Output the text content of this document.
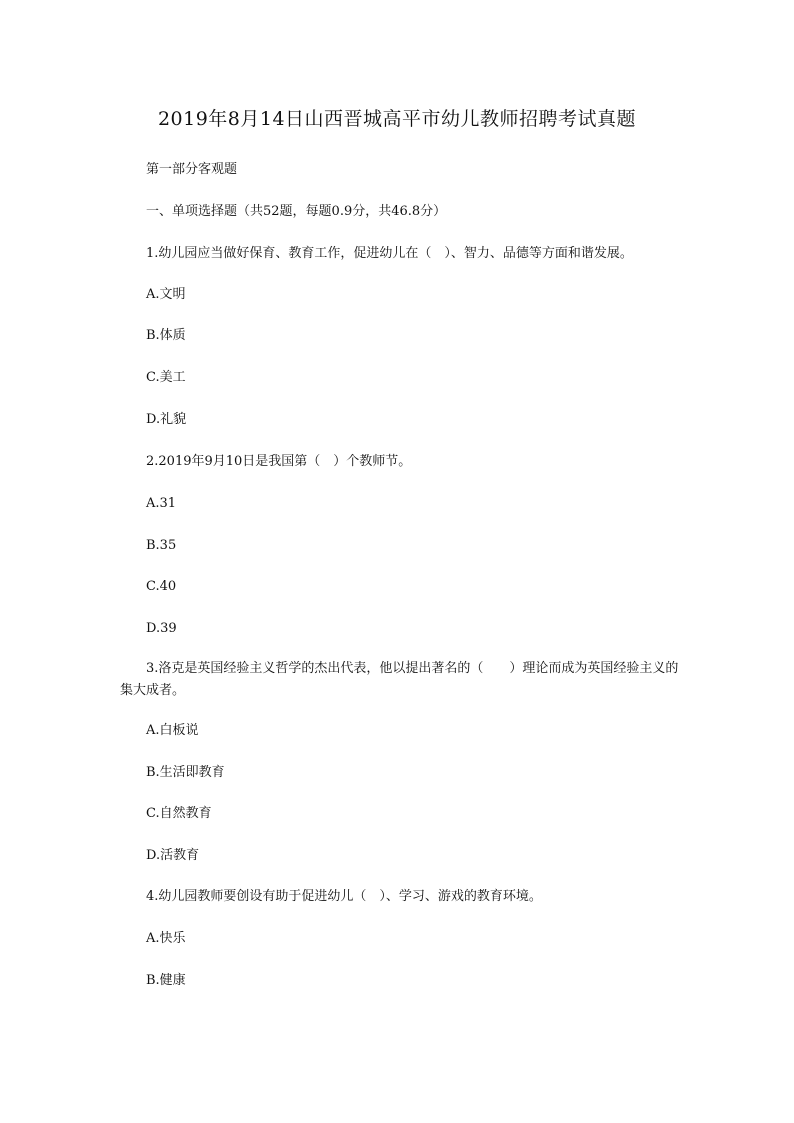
2019年8月14日山西晋城高平市幼儿教师招聘考试真题
第一部分客观题
一、单项选择题（共52题，每题0.9分，共46.8分）
1.幼儿园应当做好保育、教育工作，促进幼儿在（　）、智力、品德等方面和谐发展。
A.文明
B.体质
C.美工
D.礼貌
2.2019年9月10日是我国第（　）个教师节。
A.31
B.35
C.40
D.39
3.洛克是英国经验主义哲学的杰出代表，他以提出著名的（　　）理论而成为英国经验主义的集大成者。
A.白板说
B.生活即教育
C.自然教育
D.活教育
4.幼儿园教师要创设有助于促进幼儿（　）、学习、游戏的教育环境。
A.快乐
B.健康
